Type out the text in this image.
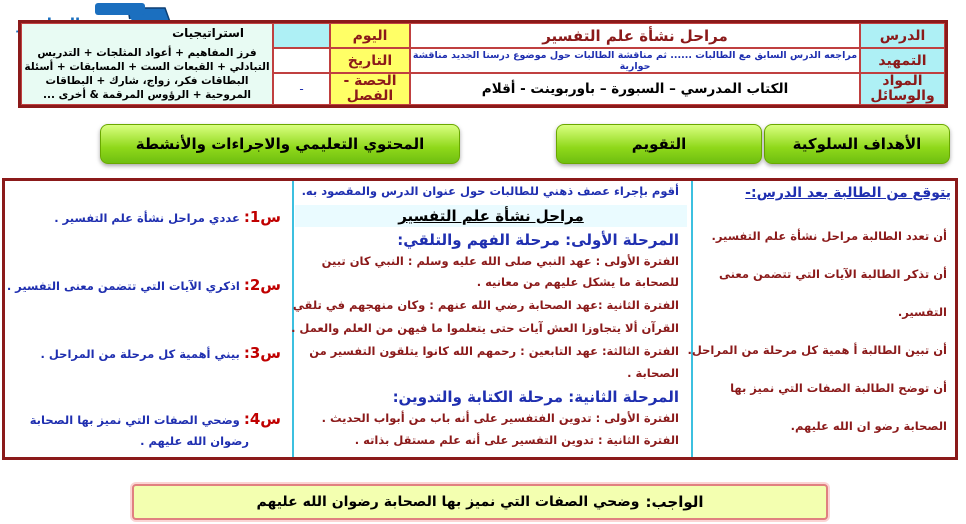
الدرس
التمهيد
المواد والوسائل
مراحل نشأة علم التفسير
مراجعه الدرس السابق مع الطالبات ...... ثم مناقشة الطالبات حول موضوع درسنا الجديد مناقشة حوارية
الكتاب المدرسي – السبورة – باوربوينت - أقلام
اليوم
التاريخ
الحصة - الفصل
-
استراتيجيات
فرز المفاهيم + أعواد المثلجات + التدريس
التبادلي + القبعات الست + المسابقات + أسئلة
البطاقات فكر، زواج، شارك + البطاقات
المروحية + الرؤوس المرقمة & أخرى ...
الأهداف السلوكية
التقويم
المحتوي التعليمي والاجراءات والأنشطة
يتوقع من الطالبة بعد الدرس:-
أن تعدد الطالبة مراحل نشأة علم التفسير.
أن تذكر الطالبة الآيات التي تتضمن معنى
التفسير.
أن تبين الطالبة أ همية كل مرحلة من المراحل.
أن توضح الطالبة الصفات التي نميز بها
الصحابة رضو ان الله عليهم.
أقوم بإجراء عصف ذهني للطالبات حول عنوان الدرس والمقصود به.
مراحل نشأة علم التفسير
المرحلة الأولى: مرحلة الفهم والتلقي:
الفترة الأولى : عهد النبي صلى الله عليه وسلم : النبي كان تبين
للصحابة ما يشكل عليهم من معانيه .
الفترة الثانية :عهد الصحابة رضي الله عنهم : وكان منهجهم في تلقي
القرآن ألا يتجاوزا العش آيات حتى يتعلموا ما فيهن من العلم والعمل .
الفترة الثالثة: عهد التابعين : رحمهم الله كانوا يتلقون التفسير من
الصحابة .
المرحلة الثانية: مرحلة الكتابة والتدوين:
الفترة الأولى : تدوين الفتفسير على أنه باب من أبواب الحديث .
الفترة الثانية : تدوين التفسير على أنه علم مستقل بذاته .
س1: عددي مراحل نشأة علم التفسير .
س2: اذكري الآيات التي تتضمن معنى التفسير .
س3: بيني أهمية كل مرحلة من المراحل .
س4: وضحي الصفات التي نميز بها الصحابة
رضوان الله عليهم .
الواجب:
وضحي الصفات التي نميز بها الصحابة رضوان الله عليهم
